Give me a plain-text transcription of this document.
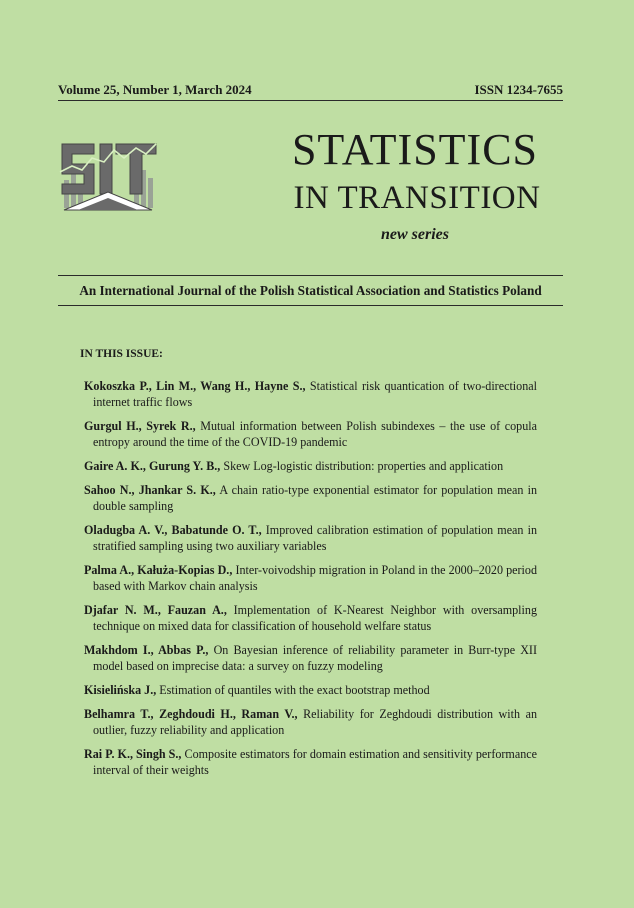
Volume 25, Number 1, March 2024	ISSN 1234-7655
STATISTICS
IN TRANSITION
new series
An International Journal of the Polish Statistical Association and Statistics Poland
IN THIS ISSUE:
Kokoszka P., Lin M., Wang H., Hayne S., Statistical risk quantication of two-directional internet traffic flows
Gurgul H., Syrek R., Mutual information between Polish subindexes – the use of copula entropy around the time of the COVID-19 pandemic
Gaire A. K., Gurung Y. B., Skew Log-logistic distribution: properties and application
Sahoo N., Jhankar S. K., A chain ratio-type exponential estimator for population mean in double sampling
Oladugba A. V., Babatunde O. T., Improved calibration estimation of population mean in stratified sampling using two auxiliary variables
Palma A., Kałuża-Kopias D., Inter-voivodship migration in Poland in the 2000–2020 period based with Markov chain analysis
Djafar N. M., Fauzan A., Implementation of K-Nearest Neighbor with oversampling technique on mixed data for classification of household welfare status
Makhdom I., Abbas P., On Bayesian inference of reliability parameter in Burr-type XII model based on imprecise data: a survey on fuzzy modeling
Kisielińska J., Estimation of quantiles with the exact bootstrap method
Belhamra T., Zeghdoudi H., Raman V., Reliability for Zeghdoudi distribution with an outlier, fuzzy reliability and application
Rai P. K., Singh S., Composite estimators for domain estimation and sensitivity performance interval of their weights
